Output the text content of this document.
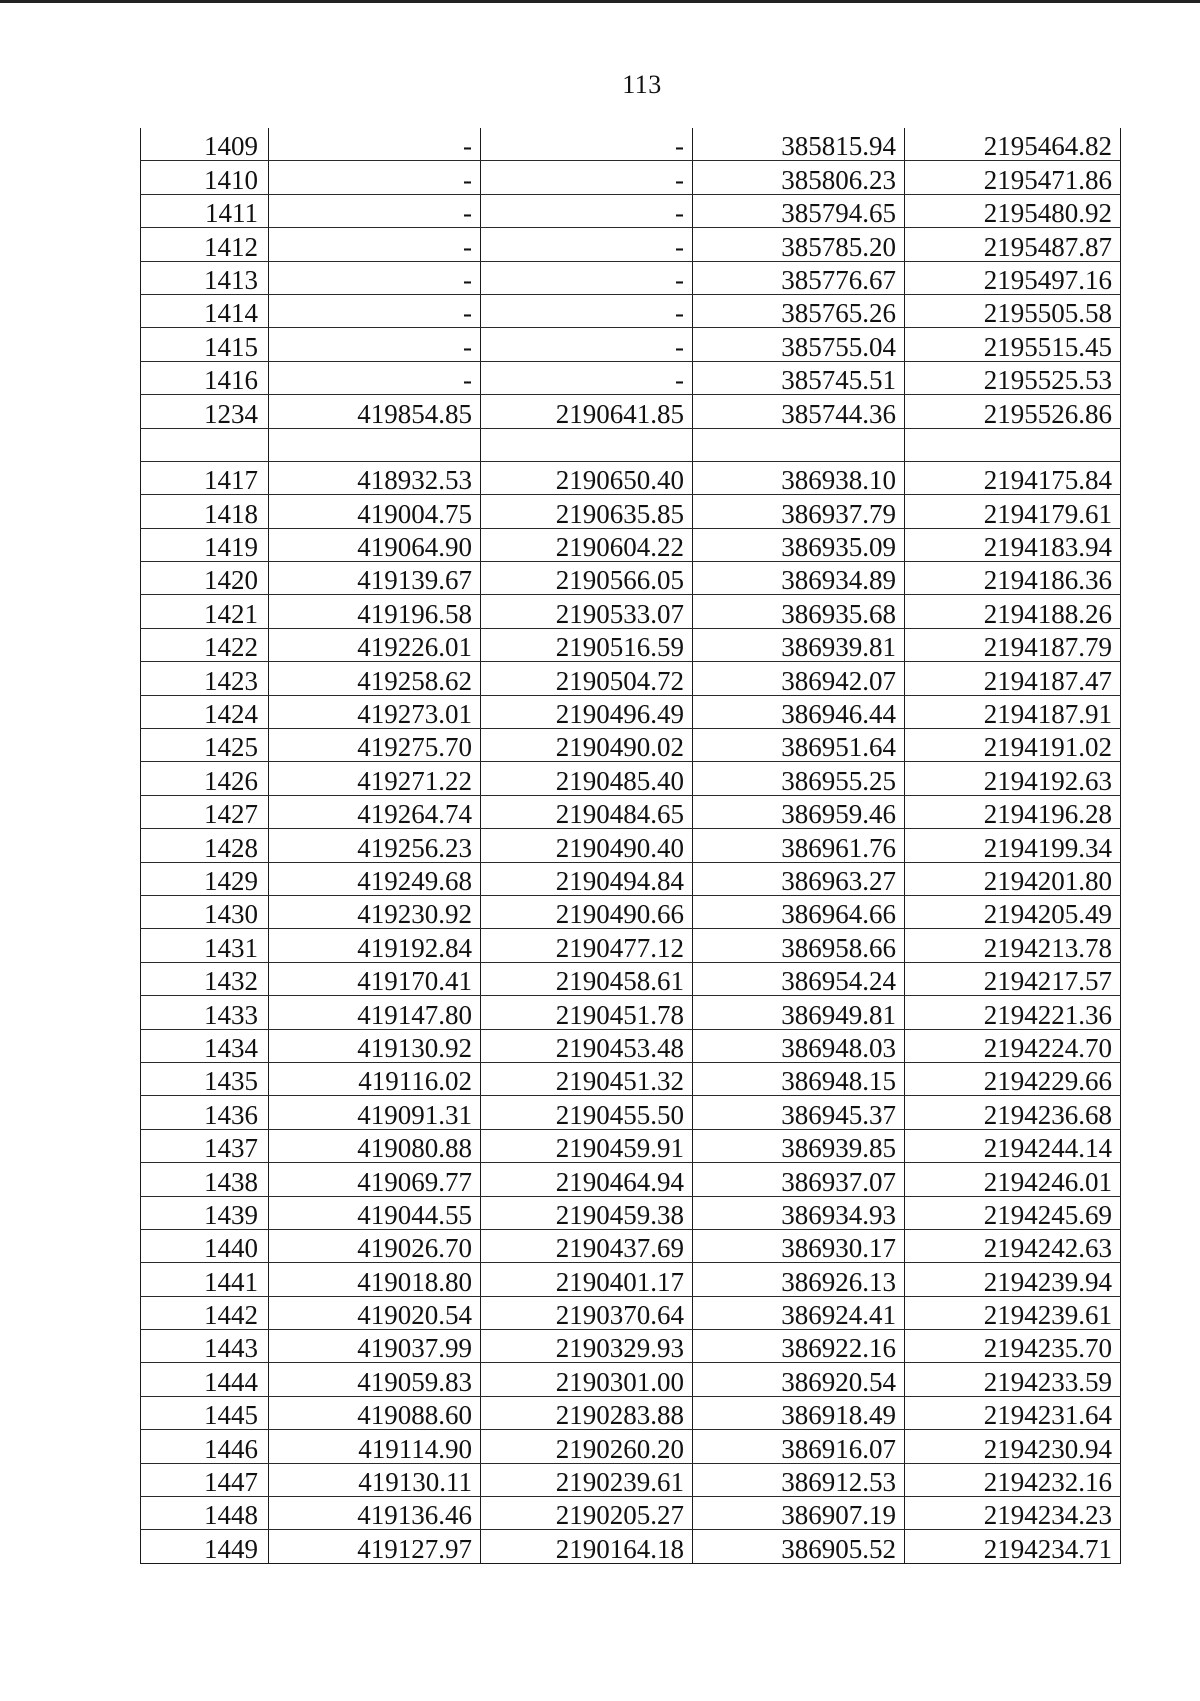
113
1409	-	-	385815.94	2195464.82
1410	-	-	385806.23	2195471.86
1411	-	-	385794.65	2195480.92
1412	-	-	385785.20	2195487.87
1413	-	-	385776.67	2195497.16
1414	-	-	385765.26	2195505.58
1415	-	-	385755.04	2195515.45
1416	-	-	385745.51	2195525.53
1234	419854.85	2190641.85	385744.36	2195526.86

1417	418932.53	2190650.40	386938.10	2194175.84
1418	419004.75	2190635.85	386937.79	2194179.61
1419	419064.90	2190604.22	386935.09	2194183.94
1420	419139.67	2190566.05	386934.89	2194186.36
1421	419196.58	2190533.07	386935.68	2194188.26
1422	419226.01	2190516.59	386939.81	2194187.79
1423	419258.62	2190504.72	386942.07	2194187.47
1424	419273.01	2190496.49	386946.44	2194187.91
1425	419275.70	2190490.02	386951.64	2194191.02
1426	419271.22	2190485.40	386955.25	2194192.63
1427	419264.74	2190484.65	386959.46	2194196.28
1428	419256.23	2190490.40	386961.76	2194199.34
1429	419249.68	2190494.84	386963.27	2194201.80
1430	419230.92	2190490.66	386964.66	2194205.49
1431	419192.84	2190477.12	386958.66	2194213.78
1432	419170.41	2190458.61	386954.24	2194217.57
1433	419147.80	2190451.78	386949.81	2194221.36
1434	419130.92	2190453.48	386948.03	2194224.70
1435	419116.02	2190451.32	386948.15	2194229.66
1436	419091.31	2190455.50	386945.37	2194236.68
1437	419080.88	2190459.91	386939.85	2194244.14
1438	419069.77	2190464.94	386937.07	2194246.01
1439	419044.55	2190459.38	386934.93	2194245.69
1440	419026.70	2190437.69	386930.17	2194242.63
1441	419018.80	2190401.17	386926.13	2194239.94
1442	419020.54	2190370.64	386924.41	2194239.61
1443	419037.99	2190329.93	386922.16	2194235.70
1444	419059.83	2190301.00	386920.54	2194233.59
1445	419088.60	2190283.88	386918.49	2194231.64
1446	419114.90	2190260.20	386916.07	2194230.94
1447	419130.11	2190239.61	386912.53	2194232.16
1448	419136.46	2190205.27	386907.19	2194234.23
1449	419127.97	2190164.18	386905.52	2194234.71
